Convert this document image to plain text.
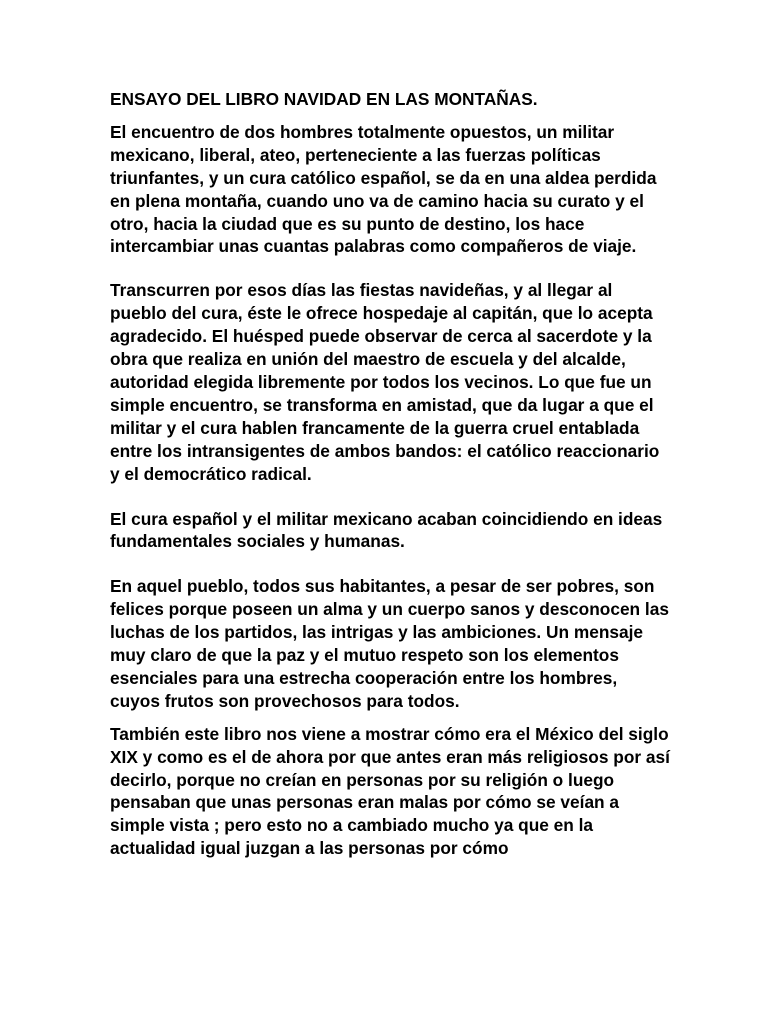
ENSAYO DEL LIBRO NAVIDAD EN LAS MONTAÑAS.

El encuentro de dos hombres totalmente opuestos, un militar mexicano, liberal, ateo, perteneciente a las fuerzas políticas triunfantes, y un cura católico español, se da en una aldea perdida en plena montaña, cuando uno va de camino hacia su curato y el otro, hacia la ciudad que es su punto de destino, los hace intercambiar unas cuantas palabras como compañeros de viaje.

Transcurren por esos días las fiestas navideñas, y al llegar al pueblo del cura, éste le ofrece hospedaje al capitán, que lo acepta agradecido. El huésped puede observar de cerca al sacerdote y la obra que realiza en unión del maestro de escuela y del alcalde, autoridad elegida libremente por todos los vecinos. Lo que fue un simple encuentro, se transforma en amistad, que da lugar a que el militar y el cura hablen francamente de la guerra cruel entablada entre los intransigentes de ambos bandos: el católico reaccionario y el democrático radical.

El cura español y el militar mexicano acaban coincidiendo en ideas fundamentales sociales y humanas.

En aquel pueblo, todos sus habitantes, a pesar de ser pobres, son felices porque poseen un alma y un cuerpo sanos y desconocen las luchas de los partidos, las intrigas y las ambiciones. Un mensaje muy claro de que la paz y el mutuo respeto son los elementos esenciales para una estrecha cooperación entre los hombres, cuyos frutos son provechosos para todos.

También este libro nos viene a mostrar cómo era el México del siglo XIX y como es el de ahora por que antes eran más religiosos por así decirlo, porque no creían en personas por su religión o luego pensaban que unas personas eran malas por cómo se veían a simple vista ; pero esto no a cambiado mucho ya que en la actualidad igual juzgan a las personas por cómo
